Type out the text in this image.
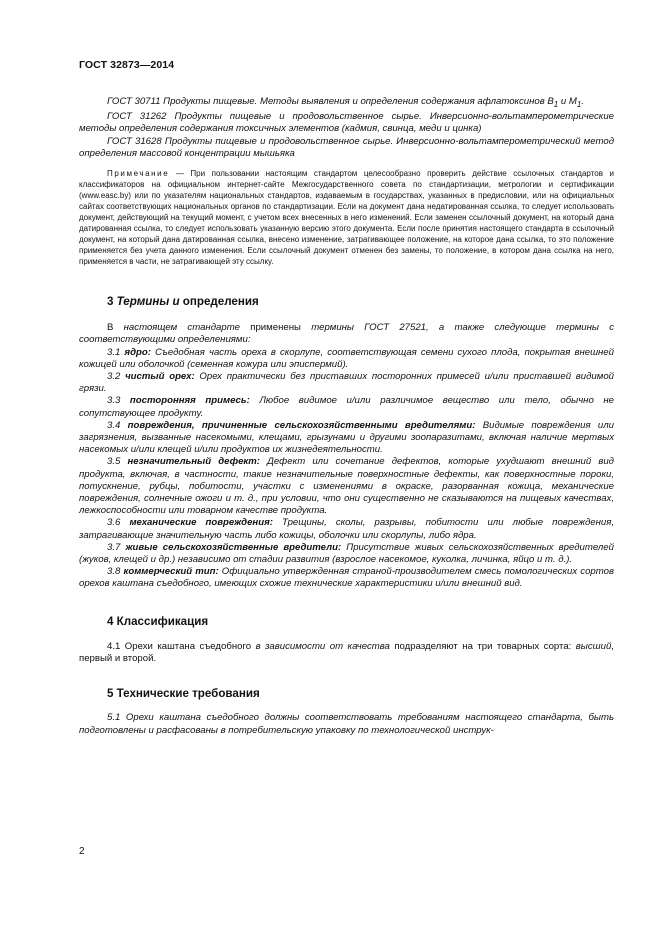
ГОСТ 32873—2014

ГОСТ 30711 Продукты пищевые. Методы выявления и определения содержания афлатоксинов $В_1$ и $М_1$.

ГОСТ 31262 Продукты пищевые и продовольственное сырье. Инверсионно-вольтамперометрические методы определения содержания токсичных элементов (кадмия, свинца, меди и цинка)

ГОСТ 31628 Продукты пищевые и продовольственное сырье. Инверсионно-вольтамперометрический метод определения массовой концентрации мышьяка

Примечание — При пользовании настоящим стандартом целесообразно проверить действие ссылочных стандартов и классификаторов на официальном интернет-сайте Межгосударственного совета по стандартизации, метрологии и сертификации (www.easc.by) или по указателям национальных стандартов, издаваемым в государствах, указанных в предисловии, или на официальных сайтах соответствующих национальных органов по стандартизации. Если на документ дана недатированная ссылка, то следует использовать документ, действующий на текущий момент, с учетом всех внесенных в него изменений. Если заменен ссылочный документ, на который дана датированная ссылка, то следует использовать указанную версию этого документа. Если после принятия настоящего стандарта в ссылочный документ, на который дана датированная ссылка, внесено изменение, затрагивающее положение, на которое дана ссылка, то это положение применяется без учета данного изменения. Если ссылочный документ отменен без замены, то положение, в котором дана ссылка на него, применяется в части, не затрагивающей эту ссылку.

3 Термины и определения

В настоящем стандарте применены термины ГОСТ 27521, а также следующие термины с соответствующими определениями:

3.1 ядро: Съедобная часть ореха в скорлупе, соответствующая семени сухого плода, покрытая внешней кожицей или оболочкой (семенная кожура или эписпермий).

3.2 чистый орех: Орех практически без приставших посторонних примесей и/или приставшей видимой грязи.

3.3 посторонняя примесь: Любое видимое и/или различимое вещество или тело, обычно не сопутствующее продукту.

3.4 повреждения, причиненные сельскохозяйственными вредителями: Видимые повреждения или загрязнения, вызванные насекомыми, клещами, грызунами и другими зоопаразитами, включая наличие мертвых насекомых и/или клещей и/или продуктов их жизнедеятельности.

3.5 незначительный дефект: Дефект или сочетание дефектов, которые ухудшают внешний вид продукта, включая, в частности, такие незначительные поверхностные дефекты, как поверхностные пороки, потускнение, рубцы, побитости, участки с изменениями в окраске, разорванная кожица, механические повреждения, солнечные ожоги и т. д., при условии, что они существенно не сказываются на пищевых качествах, лежкоспособности или товарном качестве продукта.

3.6 механические повреждения: Трещины, сколы, разрывы, побитости или любые повреждения, затрагивающие значительную часть либо кожицы, оболочки или скорлупы, либо ядра.

3.7 живые сельскохозяйственные вредители: Присутствие живых сельскохозяйственных вредителей (жуков, клещей и др.) независимо от стадии развития (взрослое насекомое, куколка, личинка, яйцо и т. д.).

3.8 коммерческий тип: Официально утвержденная страной-производителем смесь помологических сортов орехов каштана съедобного, имеющих схожие технические характеристики и/или внешний вид.

4 Классификация

4.1 Орехи каштана съедобного в зависимости от качества подразделяют на три товарных сорта: высший, первый и второй.

5 Технические требования

5.1 Орехи каштана съедобного должны соответствовать требованиям настоящего стандарта, быть подготовлены и расфасованы в потребительскую упаковку по технологической инструк-

2
